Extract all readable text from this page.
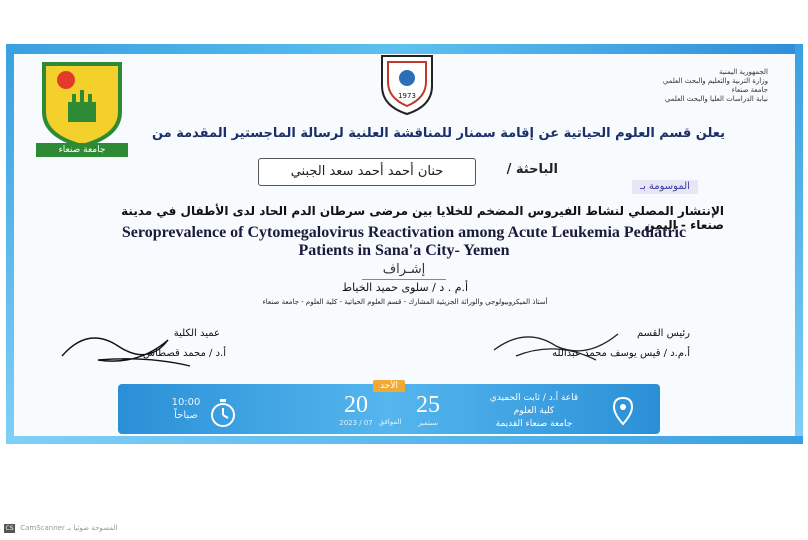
جامعة صنعاء
1973
الجمهورية اليمنية
وزارة التربية والتعليم والبحث العلمي
جامعة صنعاء
نيابة الدراسات العليا والبحث العلمي
يعلن قسم العلوم الحياتية عن إقامة سمنار للمناقشة العلنية لرسالة الماجستير المقدمة من
حنان أحمد أحمد سعد الجبني	الباحثة /
الموسومة بـ
الإنتشار المصلي لنشاط الفيروس المضخم للخلايا بين مرضى سرطان الدم الحاد لدى الأطفال في مدينة صنعاء - اليمن
Seroprevalence of Cytomegalovirus Reactivation among Acute Leukemia Pediatric
Patients in Sana'a City- Yemen
إشـراف
أ.م . د / سلوى حميد الخياط
أستاذ الميكروبيولوجي والوراثة الجزيئية المشارك - قسم العلوم الحياتية - كلية العلوم - جامعة صنعاء
عميد الكلية
أ.د / محمد قصطاس
رئيس القسم
أ.م.د / قيس يوسف محمد عبدالله
الأحد
25
سبتمبر
الموافق
20
2023 / 07
10:00
صباحاً
قاعة أ.د / ثابت الحميدي
كلية العلوم
جامعة صنعاء القديمة
CS CamScanner المسوحة ضوئيا بـ
